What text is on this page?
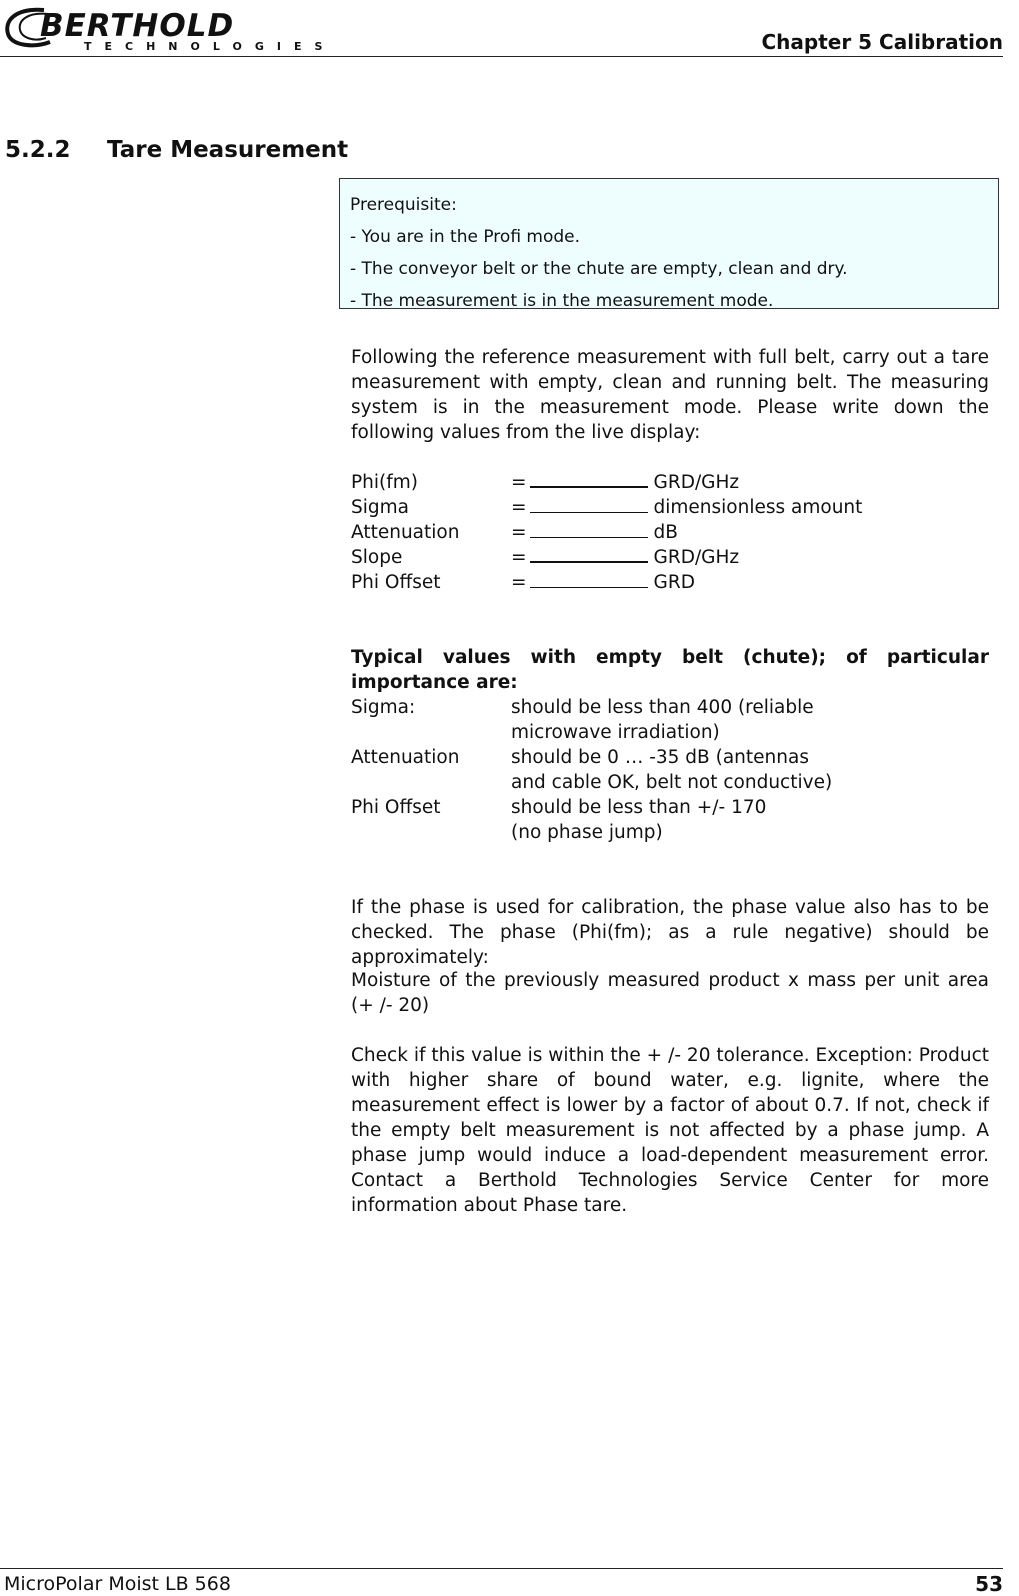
BERTHOLD
TECHNOLOGIES	Chapter 5 Calibration
5.2.2 Tare Measurement
Prerequisite:
- You are in the Profi mode.
- The conveyor belt or the chute are empty, clean and dry.
- The measurement is in the measurement mode.
Following the reference measurement with full belt, carry out a tare measurement with empty, clean and running belt. The measuring system is in the measurement mode. Please write down the following values from the live display:
Phi(fm)	=	GRD/GHz
Sigma	=	dimensionless amount
Attenuation	=	dB
Slope	=	GRD/GHz
Phi Offset	=	GRD
Typical values with empty belt (chute); of particular
importance are:
Sigma:	should be less than 400 (reliable
microwave irradiation)
Attenuation	should be 0 … -35 dB (antennas
and cable OK, belt not conductive)
Phi Offset	should be less than +/- 170
(no phase jump)
If the phase is used for calibration, the phase value also has to be checked. The phase (Phi(fm); as a rule negative) should be approximately:
Moisture of the previously measured product x mass per unit area (+ /- 20)
Check if this value is within the + /- 20 tolerance. Exception: Product with higher share of bound water, e.g. lignite, where the measurement effect is lower by a factor of about 0.7. If not, check if the empty belt measurement is not affected by a phase jump. A phase jump would induce a load-dependent measurement error. Contact a Berthold Technologies Service Center for more information about Phase tare.
MicroPolar Moist LB 568	53
